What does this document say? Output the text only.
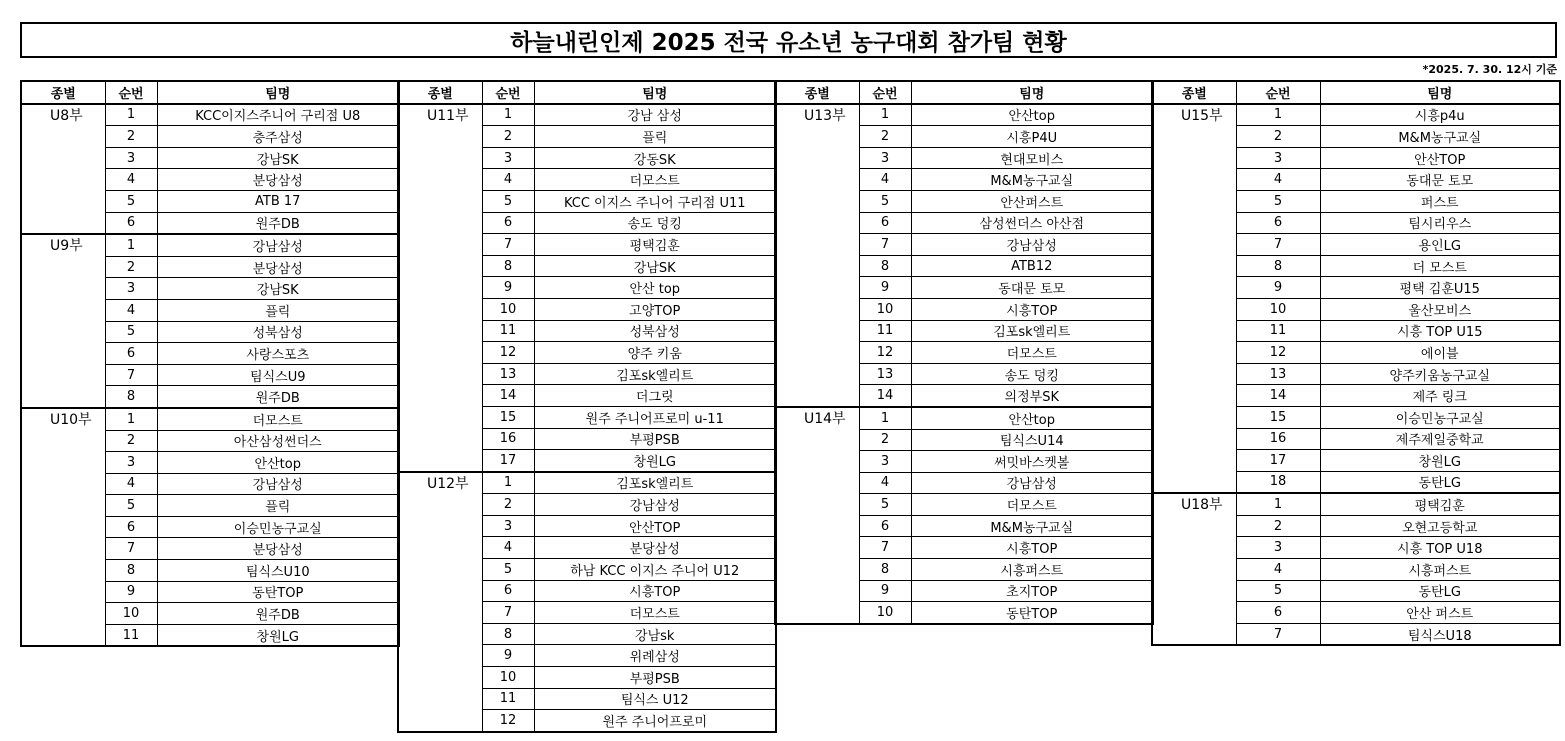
하늘내린인제 2025 전국 유소년 농구대회 참가팀 현황
*2025. 7. 30. 12시 기준
종별	순번	팀명
U8부	1	KCC이지스주니어 구리점 U8
	2	충주삼성
	3	강남SK
	4	분당삼성
	5	ATB 17
	6	원주DB
U9부	1	강남삼성
	2	분당삼성
	3	강남SK
	4	플릭
	5	성북삼성
	6	사랑스포츠
	7	팀식스U9
	8	원주DB
U10부	1	더모스트
	2	아산삼성썬더스
	3	안산top
	4	강남삼성
	5	플릭
	6	이승민농구교실
	7	분당삼성
	8	팀식스U10
	9	동탄TOP
	10	원주DB
	11	창원LG
종별	순번	팀명
U11부	1	강남 삼성
	2	플릭
	3	강동SK
	4	더모스트
	5	KCC 이지스 주니어 구리점 U11
	6	송도 덩킹
	7	평택김훈
	8	강남SK
	9	안산 top
	10	고양TOP
	11	성북삼성
	12	양주 키움
	13	김포sk엘리트
	14	더그릿
	15	원주 주니어프로미 u-11
	16	부평PSB
	17	창원LG
U12부	1	김포sk엘리트
	2	강남삼성
	3	안산TOP
	4	분당삼성
	5	하남 KCC 이지스 주니어 U12
	6	시흥TOP
	7	더모스트
	8	강남sk
	9	위례삼성
	10	부평PSB
	11	팀식스 U12
	12	원주 주니어프로미
종별	순번	팀명
U13부	1	안산top
	2	시흥P4U
	3	현대모비스
	4	M&M농구교실
	5	안산퍼스트
	6	삼성썬더스 아산점
	7	강남삼성
	8	ATB12
	9	동대문 토모
	10	시흥TOP
	11	김포sk엘리트
	12	더모스트
	13	송도 덩킹
	14	의정부SK
U14부	1	안산top
	2	팀식스U14
	3	써밋바스켓볼
	4	강남삼성
	5	더모스트
	6	M&M농구교실
	7	시흥TOP
	8	시흥퍼스트
	9	초지TOP
	10	동탄TOP
종별	순번	팀명
U15부	1	시흥p4u
	2	M&M농구교실
	3	안산TOP
	4	동대문 토모
	5	퍼스트
	6	팀시리우스
	7	용인LG
	8	더 모스트
	9	평택 김훈U15
	10	울산모비스
	11	시흥 TOP U15
	12	에이블
	13	양주키움농구교실
	14	제주 링크
	15	이승민농구교실
	16	제주제일중학교
	17	창원LG
	18	동탄LG
U18부	1	평택김훈
	2	오현고등학교
	3	시흥 TOP U18
	4	시흥퍼스트
	5	동탄LG
	6	안산 퍼스트
	7	팀식스U18
